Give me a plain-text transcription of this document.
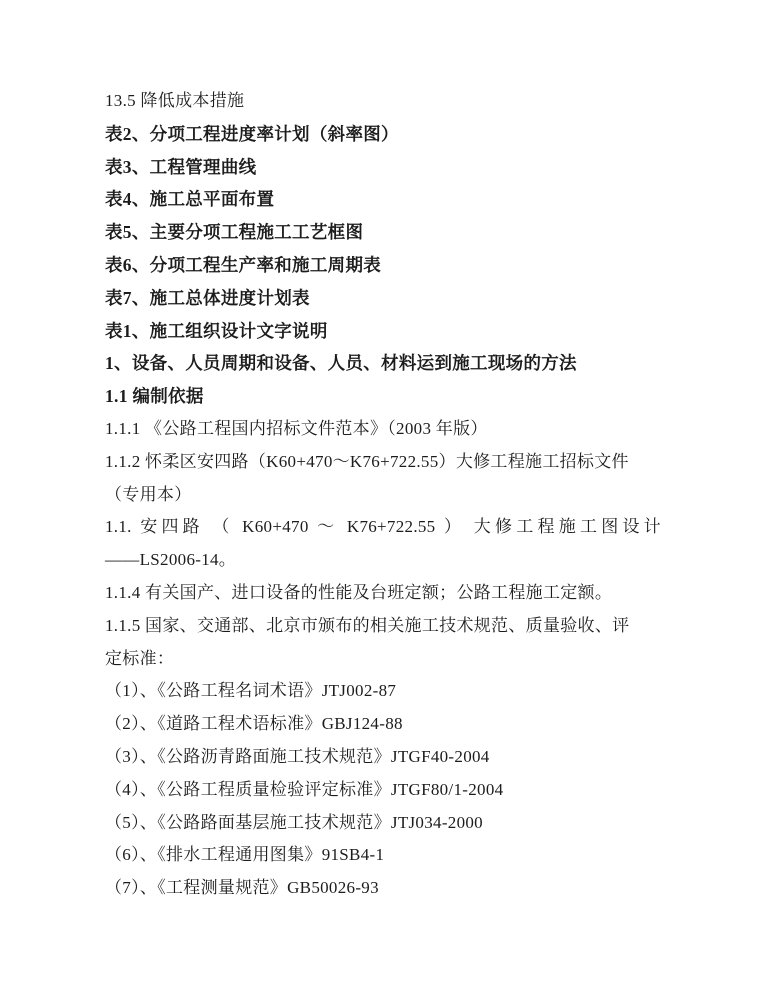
13.5 降低成本措施
表2、分项工程进度率计划（斜率图）
表3、工程管理曲线
表4、施工总平面布置
表5、主要分项工程施工工艺框图
表6、分项工程生产率和施工周期表
表7、施工总体进度计划表
表1、施工组织设计文字说明
1、设备、人员周期和设备、人员、材料运到施工现场的方法
1.1 编制依据
1.1.1 《公路工程国内招标文件范本》（2003 年版）
1.1.2 怀柔区安四路（K60+470～K76+722.55）大修工程施工招标文件
（专用本）
1.1. 安四路 （ K60+470 ～ K76+722.55 ） 大修工程施工图设计
——LS2006-14。
1.1.4 有关国产、进口设备的性能及台班定额；公路工程施工定额。
1.1.5 国家、交通部、北京市颁布的相关施工技术规范、质量验收、评
定标准：
（1）、《公路工程名词术语》JTJ002-87
（2）、《道路工程术语标准》GBJ124-88
（3）、《公路沥青路面施工技术规范》JTGF40-2004
（4）、《公路工程质量检验评定标准》JTGF80/1-2004
（5）、《公路路面基层施工技术规范》JTJ034-2000
（6）、《排水工程通用图集》91SB4-1
（7）、《工程测量规范》GB50026-93
